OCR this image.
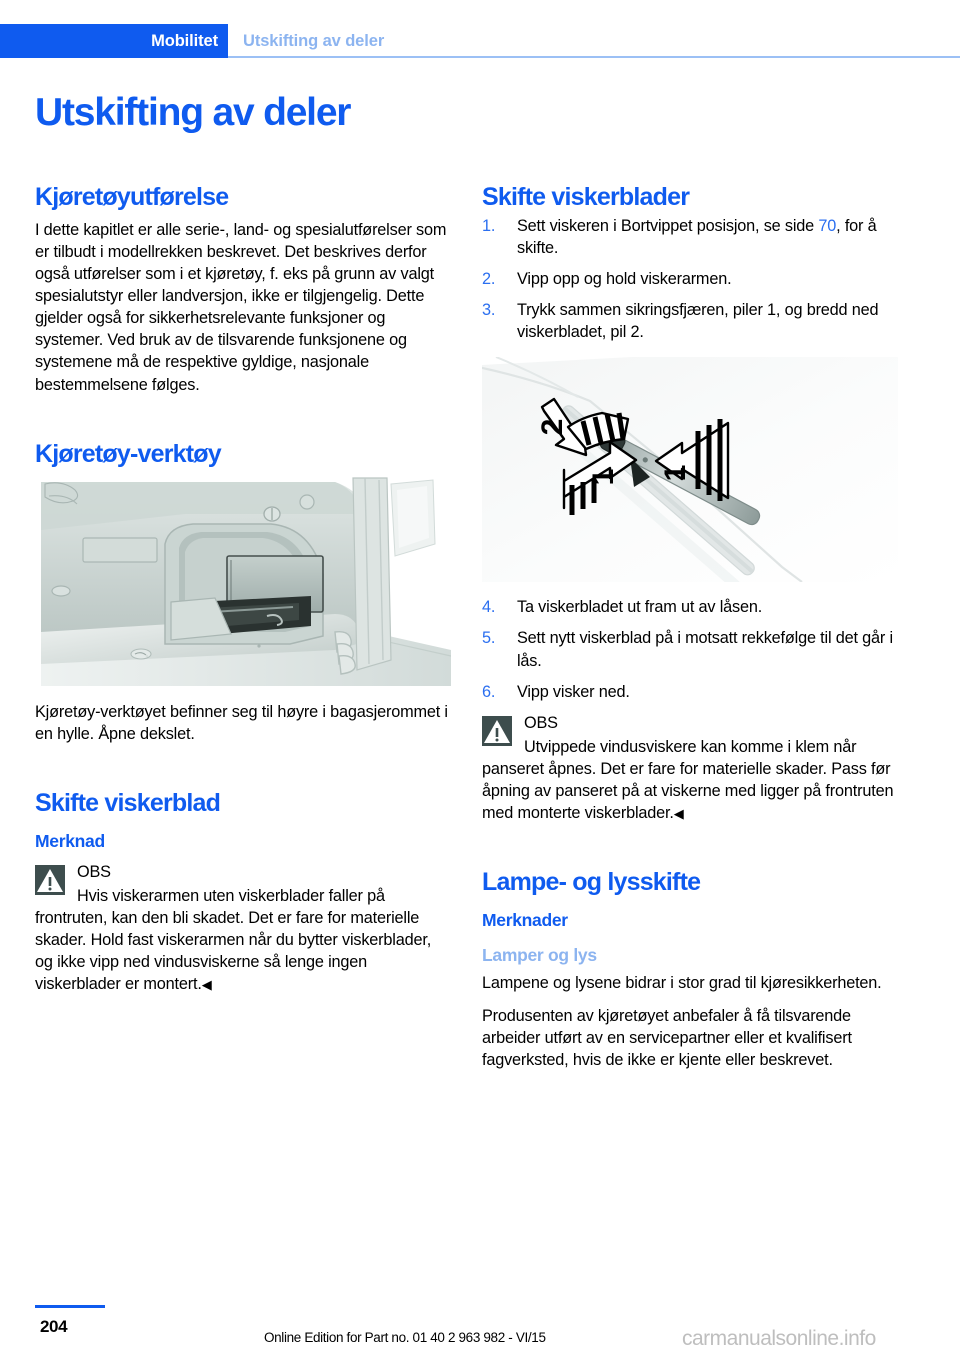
Mobilitet	Utskifting av deler
Utskifting av deler
Kjøretøyutførelse

I dette kapitlet er alle serie-, land- og spesialutførelser som er tilbudt i modellrekken beskrevet. Det beskrives derfor også utførelser som i et kjøretøy, f. eks på grunn av valgt spesialutstyr eller landversjon, ikke er tilgjengelig. Dette gjelder også for sikkerhetsrelevante funksjoner og systemer. Ved bruk av de tilsvarende funksjonene og systemene må de respektive gyldige, nasjonale bestemmelsene følges.

Kjøretøy-verktøy

Kjøretøy-verktøyet befinner seg til høyre i bagasjerommet i en hylle. Åpne dekslet.

Skifte viskerblad
Merknad
OBS
Hvis viskerarmen uten viskerblader faller på frontruten, kan den bli skadet. Det er fare for materielle skader. Hold fast viskerarmen når du bytter viskerblader, og ikke vipp ned vindusviskerne så lenge ingen viskerblader er montert.◀
Skifte viskerblader
1.	Sett viskeren i Bortvippet posisjon, se side 70, for å skifte.
2.	Vipp opp og hold viskerarmen.
3.	Trykk sammen sikringsfjæren, piler 1, og bredd ned viskerbladet, pil 2.
1
1
2
4.	Ta viskerbladet ut fram ut av låsen.
5.	Sett nytt viskerblad på i motsatt rekkefølge til det går i lås.
6.	Vipp visker ned.
OBS
Utvippede vindusviskere kan komme i klem når panseret åpnes. Det er fare for materielle skader. Pass før åpning av panseret på at viskerne med ligger på frontruten med monterte viskerblader.◀
Lampe- og lysskifte
Merknader
Lamper og lys

Lampene og lysene bidrar i stor grad til kjøresikkerheten.

Produsenten av kjøretøyet anbefaler å få tilsvarende arbeider utført av en servicepartner eller et kvalifisert fagverksted, hvis de ikke er kjente eller beskrevet.

204
Online Edition for Part no. 01 40 2 963 982 - VI/15	carmanualsonline.info
